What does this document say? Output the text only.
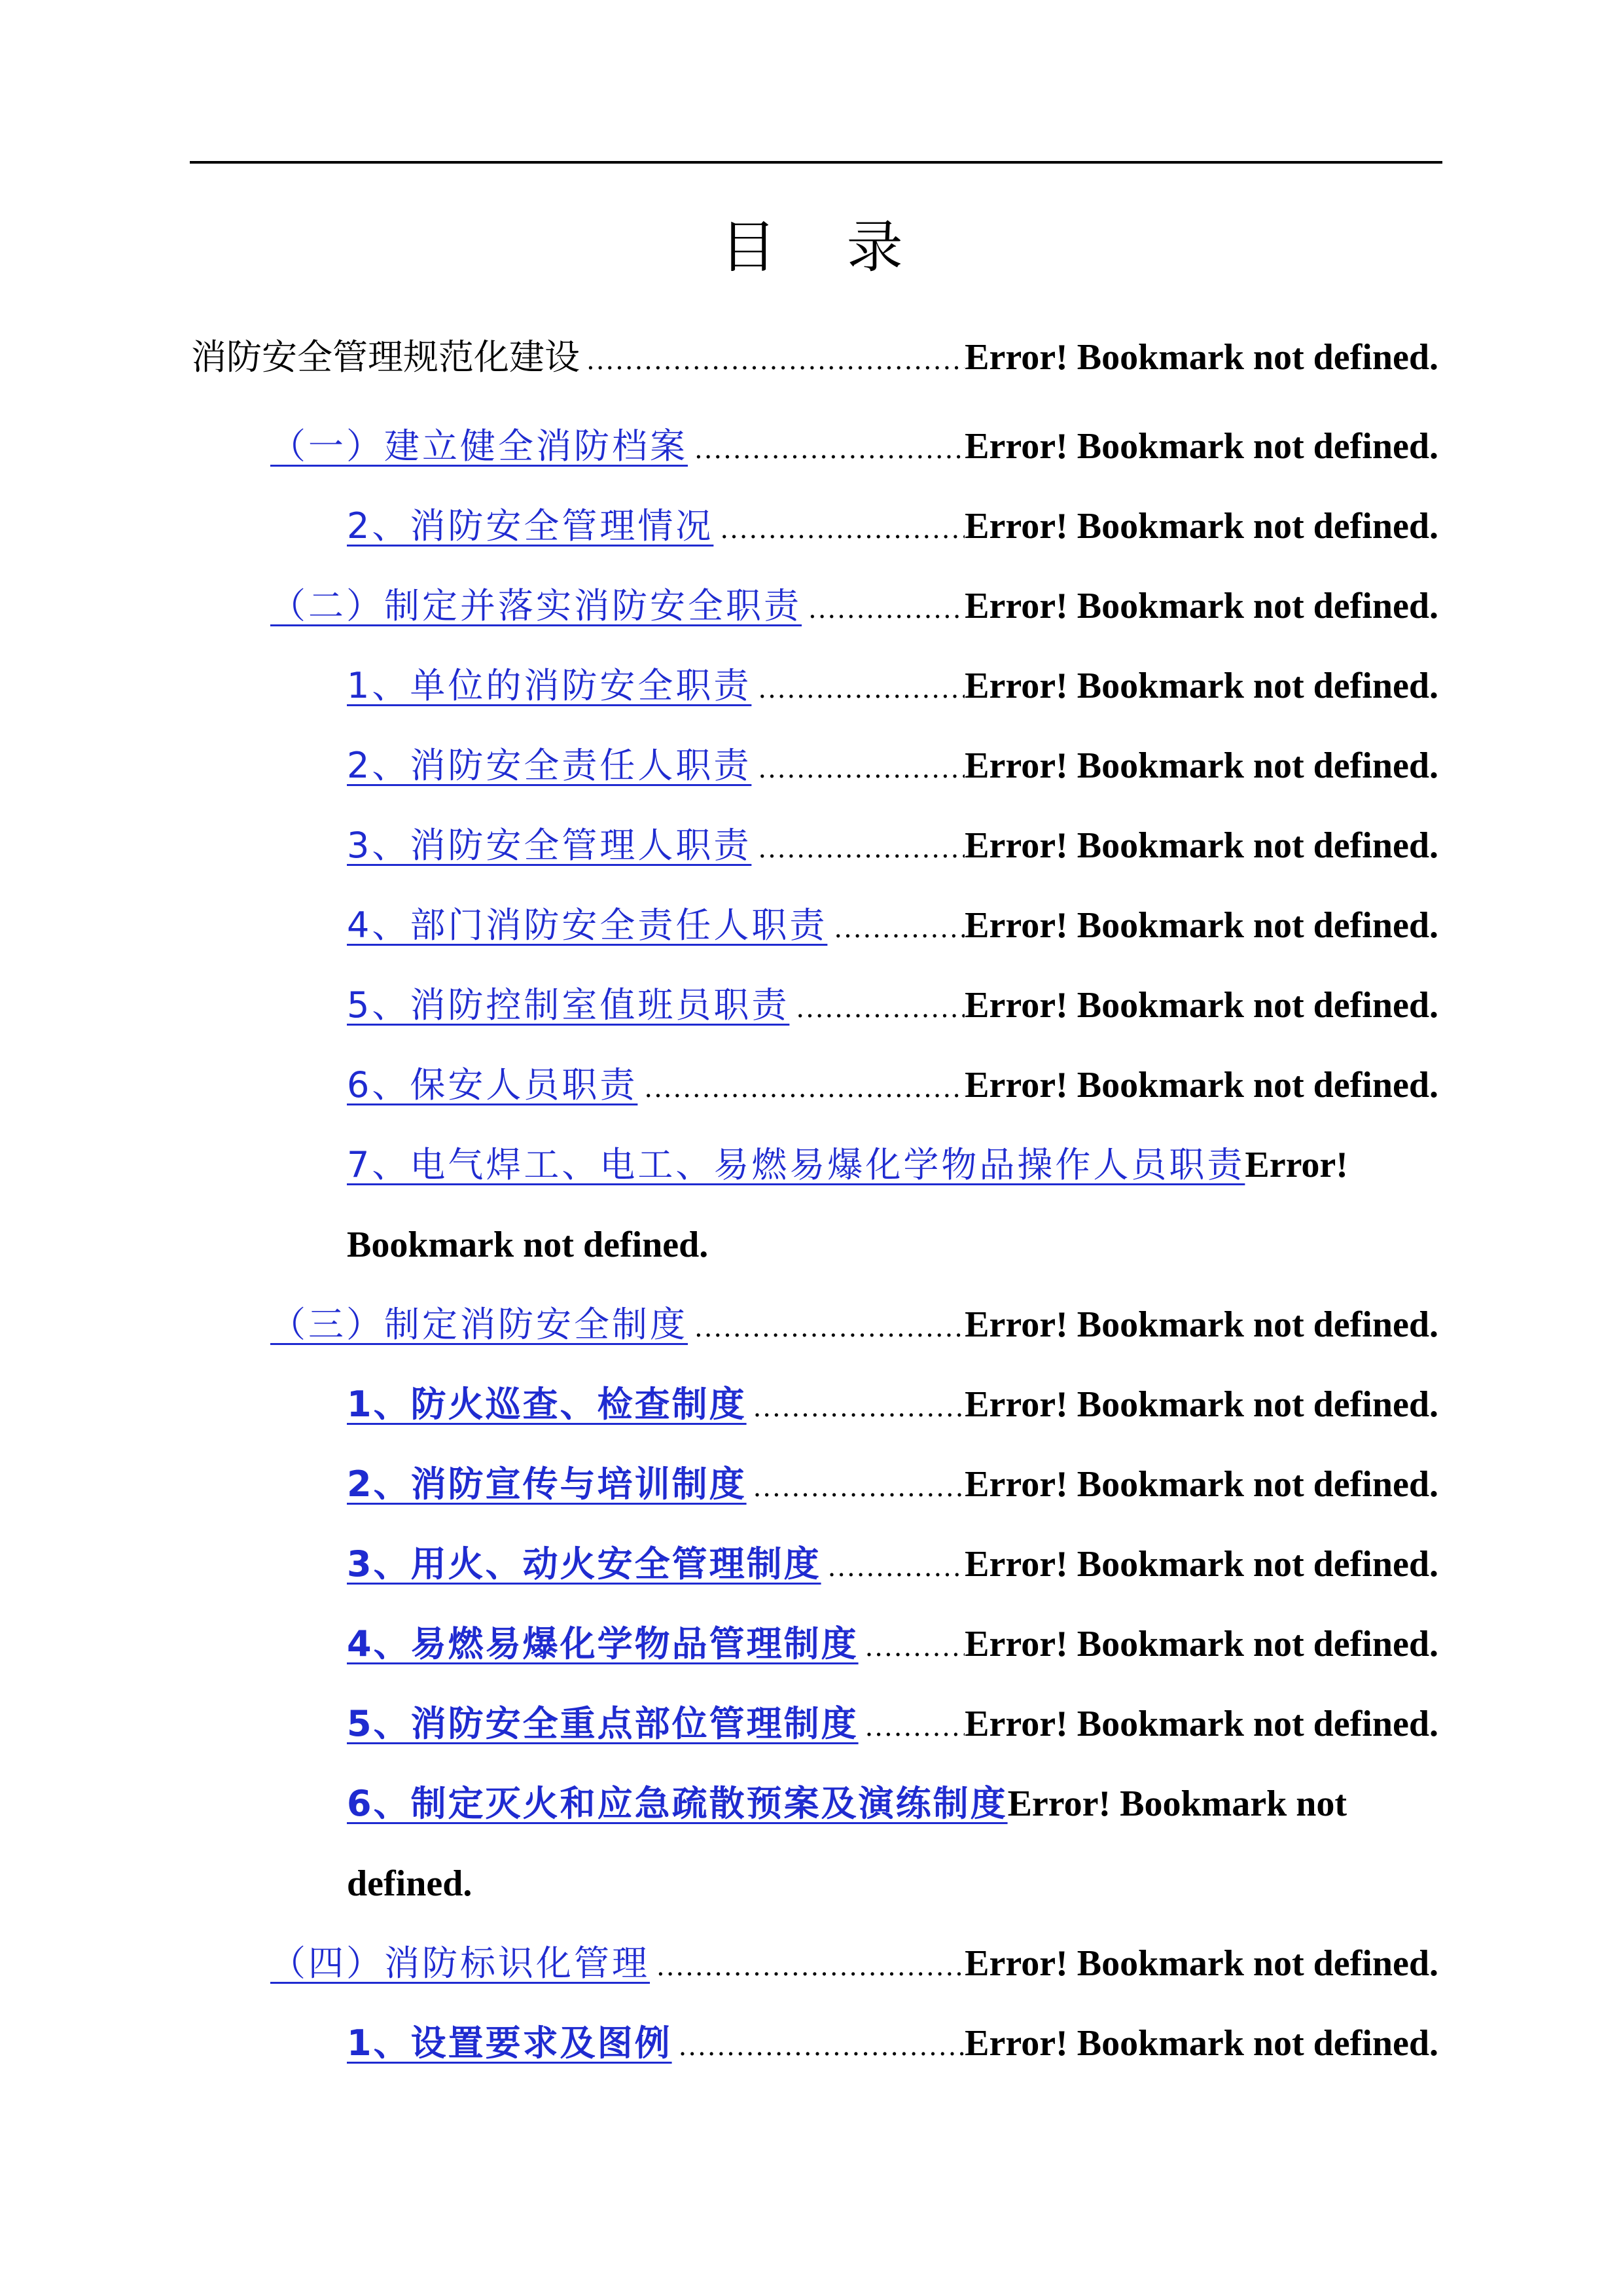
目 录
消防安全管理规范化建设 .....	Error! Bookmark not defined.
（一）建立健全消防档案 .....	Error! Bookmark not defined.
2、消防安全管理情况 .....	Error! Bookmark not defined.
（二）制定并落实消防安全职责 .....	Error! Bookmark not defined.
1、单位的消防安全职责 .....	Error! Bookmark not defined.
2、消防安全责任人职责 .....	Error! Bookmark not defined.
3、消防安全管理人职责 .....	Error! Bookmark not defined.
4、部门消防安全责任人职责 .....	Error! Bookmark not defined.
5、消防控制室值班员职责 .....	Error! Bookmark not defined.
6、保安人员职责 .....	Error! Bookmark not defined.
7、电气焊工、电工、易燃易爆化学物品操作人员职责 Error!
Bookmark not defined.
（三）制定消防安全制度 .....	Error! Bookmark not defined.
1、防火巡查、检查制度 .....	Error! Bookmark not defined.
2、消防宣传与培训制度 .....	Error! Bookmark not defined.
3、用火、动火安全管理制度 .....	Error! Bookmark not defined.
4、易燃易爆化学物品管理制度 .....	Error! Bookmark not defined.
5、消防安全重点部位管理制度 .....	Error! Bookmark not defined.
6、制定灭火和应急疏散预案及演练制度 Error! Bookmark not
defined.
（四）消防标识化管理 .....	Error! Bookmark not defined.
1、设置要求及图例 .....	Error! Bookmark not defined.
